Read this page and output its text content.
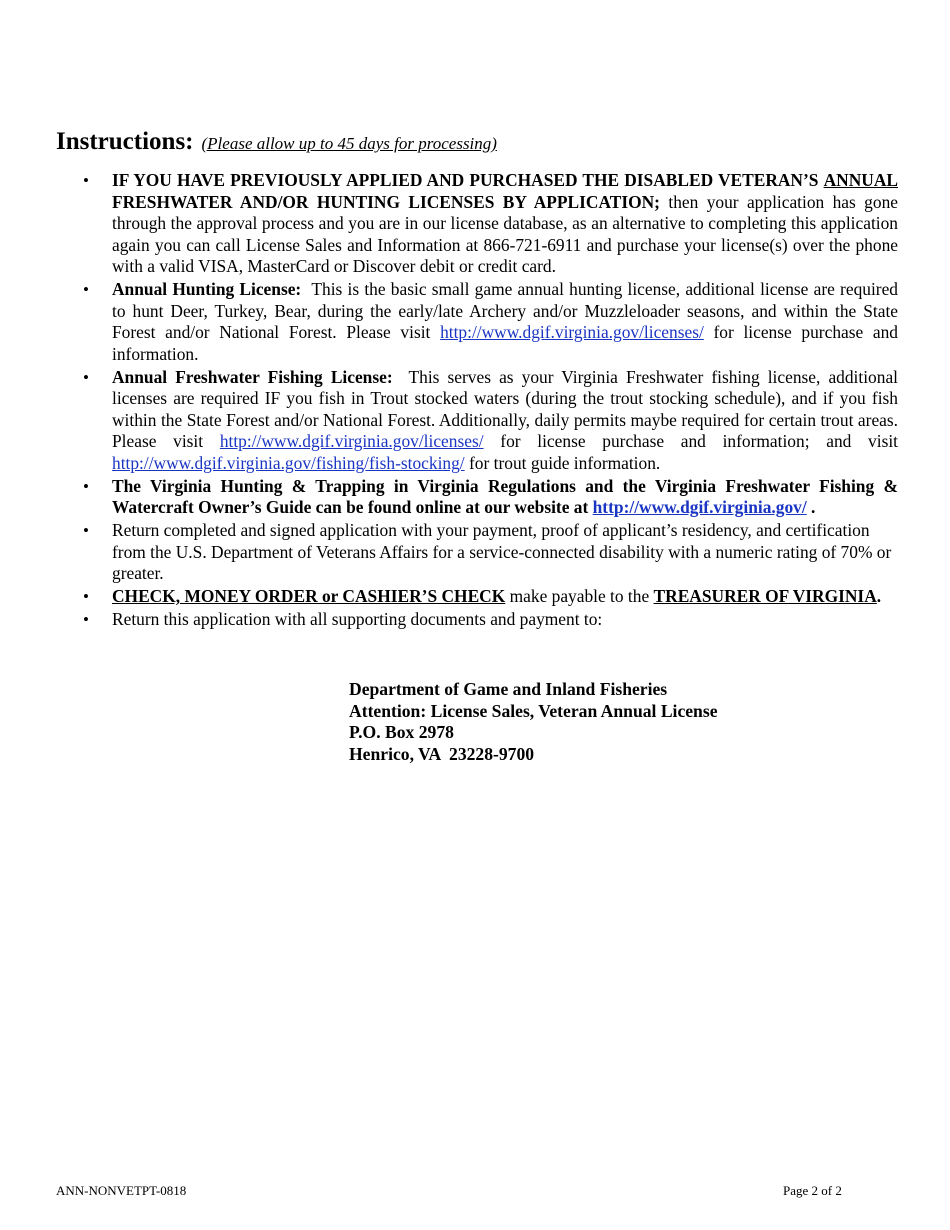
Instructions: (Please allow up to 45 days for processing)
• IF YOU HAVE PREVIOUSLY APPLIED AND PURCHASED THE DISABLED VETERAN’S ANNUAL FRESHWATER AND/OR HUNTING LICENSES BY APPLICATION; then your application has gone through the approval process and you are in our license database, as an alternative to completing this application again you can call License Sales and Information at 866-721-6911 and purchase your license(s) over the phone with a valid VISA, MasterCard or Discover debit or credit card.
• Annual Hunting License: This is the basic small game annual hunting license, additional license are required to hunt Deer, Turkey, Bear, during the early/late Archery and/or Muzzleloader seasons, and within the State Forest and/or National Forest. Please visit http://www.dgif.virginia.gov/licenses/ for license purchase and information.
• Annual Freshwater Fishing License: This serves as your Virginia Freshwater fishing license, additional licenses are required IF you fish in Trout stocked waters (during the trout stocking schedule), and if you fish within the State Forest and/or National Forest. Additionally, daily permits maybe required for certain trout areas. Please visit http://www.dgif.virginia.gov/licenses/ for license purchase and information; and visit http://www.dgif.virginia.gov/fishing/fish-stocking/ for trout guide information.
• The Virginia Hunting & Trapping in Virginia Regulations and the Virginia Freshwater Fishing & Watercraft Owner’s Guide can be found online at our website at http://www.dgif.virginia.gov/ .
• Return completed and signed application with your payment, proof of applicant’s residency, and certification from the U.S. Department of Veterans Affairs for a service-connected disability with a numeric rating of 70% or greater.
• CHECK, MONEY ORDER or CASHIER’S CHECK make payable to the TREASURER OF VIRGINIA.
• Return this application with all supporting documents and payment to:
Department of Game and Inland Fisheries
Attention: License Sales, Veteran Annual License
P.O. Box 2978
Henrico, VA  23228-9700
ANN-NONVETPT-0818	Page 2 of 2
